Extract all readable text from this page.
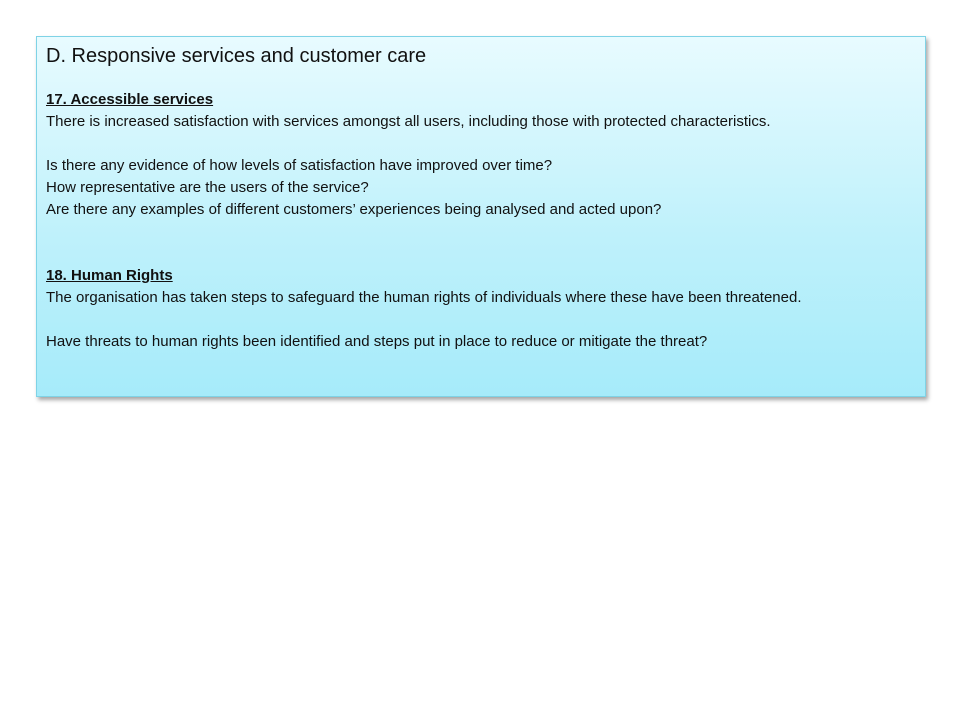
D. Responsive services and customer care

17. Accessible services

There is increased satisfaction with services amongst all users, including those with protected characteristics.

Is there any evidence of how levels of satisfaction have improved over time?

How representative are the users of the service?

Are there any examples of different customers’ experiences being analysed and acted upon?

18. Human Rights

The organisation has taken steps to safeguard the human rights of individuals where these have been threatened.

Have threats to human rights been identified and steps put in place to reduce or mitigate the threat?
